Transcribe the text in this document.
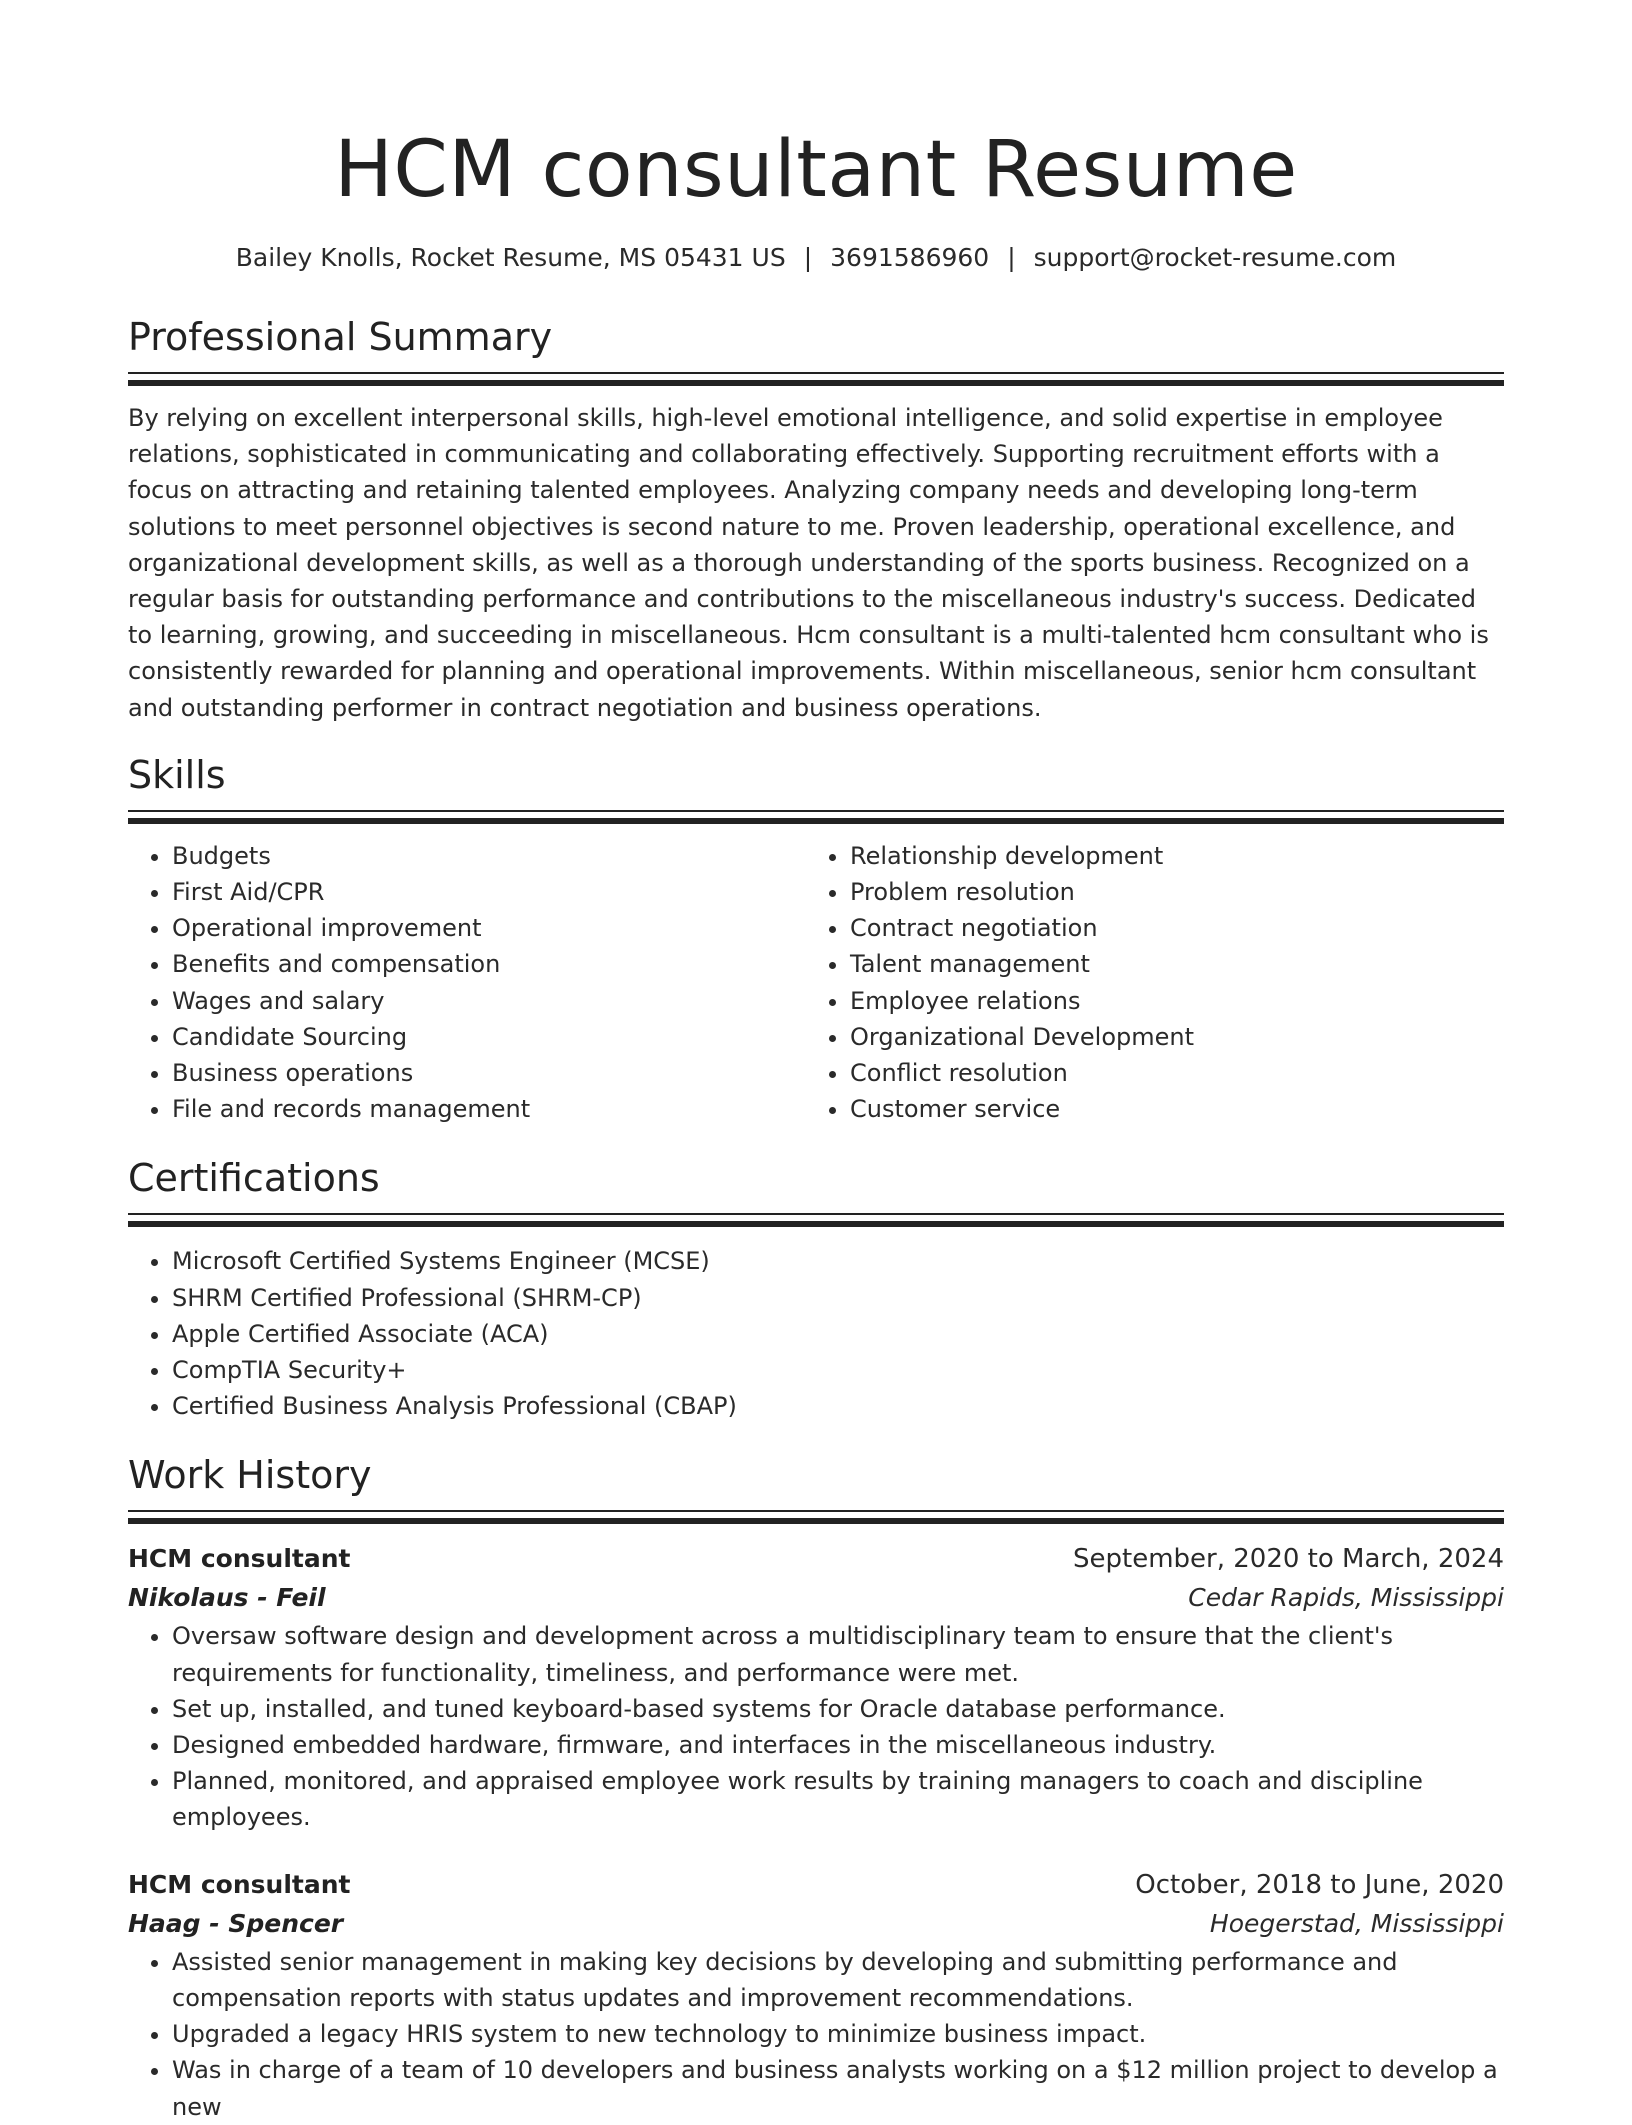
HCM consultant Resume
Bailey Knolls, Rocket Resume, MS 05431 US | 3691586960 | support@rocket-resume.com
Professional Summary

By relying on excellent interpersonal skills, high-level emotional intelligence, and solid expertise in employee relations, sophisticated in communicating and collaborating effectively. Supporting recruitment efforts with a focus on attracting and retaining talented employees. Analyzing company needs and developing long-term solutions to meet personnel objectives is second nature to me. Proven leadership, operational excellence, and organizational development skills, as well as a thorough understanding of the sports business. Recognized on a regular basis for outstanding performance and contributions to the miscellaneous industry's success. Dedicated to learning, growing, and succeeding in miscellaneous. Hcm consultant is a multi-talented hcm consultant who is consistently rewarded for planning and operational improvements. Within miscellaneous, senior hcm consultant and outstanding performer in contract negotiation and business operations.

Skills
• Budgets
• First Aid/CPR
• Operational improvement
• Benefits and compensation
• Wages and salary
• Candidate Sourcing
• Business operations
• File and records management
• Relationship development
• Problem resolution
• Contract negotiation
• Talent management
• Employee relations
• Organizational Development
• Conflict resolution
• Customer service
Certifications
• Microsoft Certified Systems Engineer (MCSE)
• SHRM Certified Professional (SHRM-CP)
• Apple Certified Associate (ACA)
• CompTIA Security+
• Certified Business Analysis Professional (CBAP)
Work History
HCM consultant	September, 2020 to March, 2024
Nikolaus - Feil	Cedar Rapids, Mississippi
• Oversaw software design and development across a multidisciplinary team to ensure that the client's requirements for functionality, timeliness, and performance were met.
• Set up, installed, and tuned keyboard-based systems for Oracle database performance.
• Designed embedded hardware, firmware, and interfaces in the miscellaneous industry.
• Planned, monitored, and appraised employee work results by training managers to coach and discipline employees.
HCM consultant	October, 2018 to June, 2020
Haag - Spencer	Hoegerstad, Mississippi
• Assisted senior management in making key decisions by developing and submitting performance and compensation reports with status updates and improvement recommendations.
• Upgraded a legacy HRIS system to new technology to minimize business impact.
• Was in charge of a team of 10 developers and business analysts working on a $12 million project to develop a new
